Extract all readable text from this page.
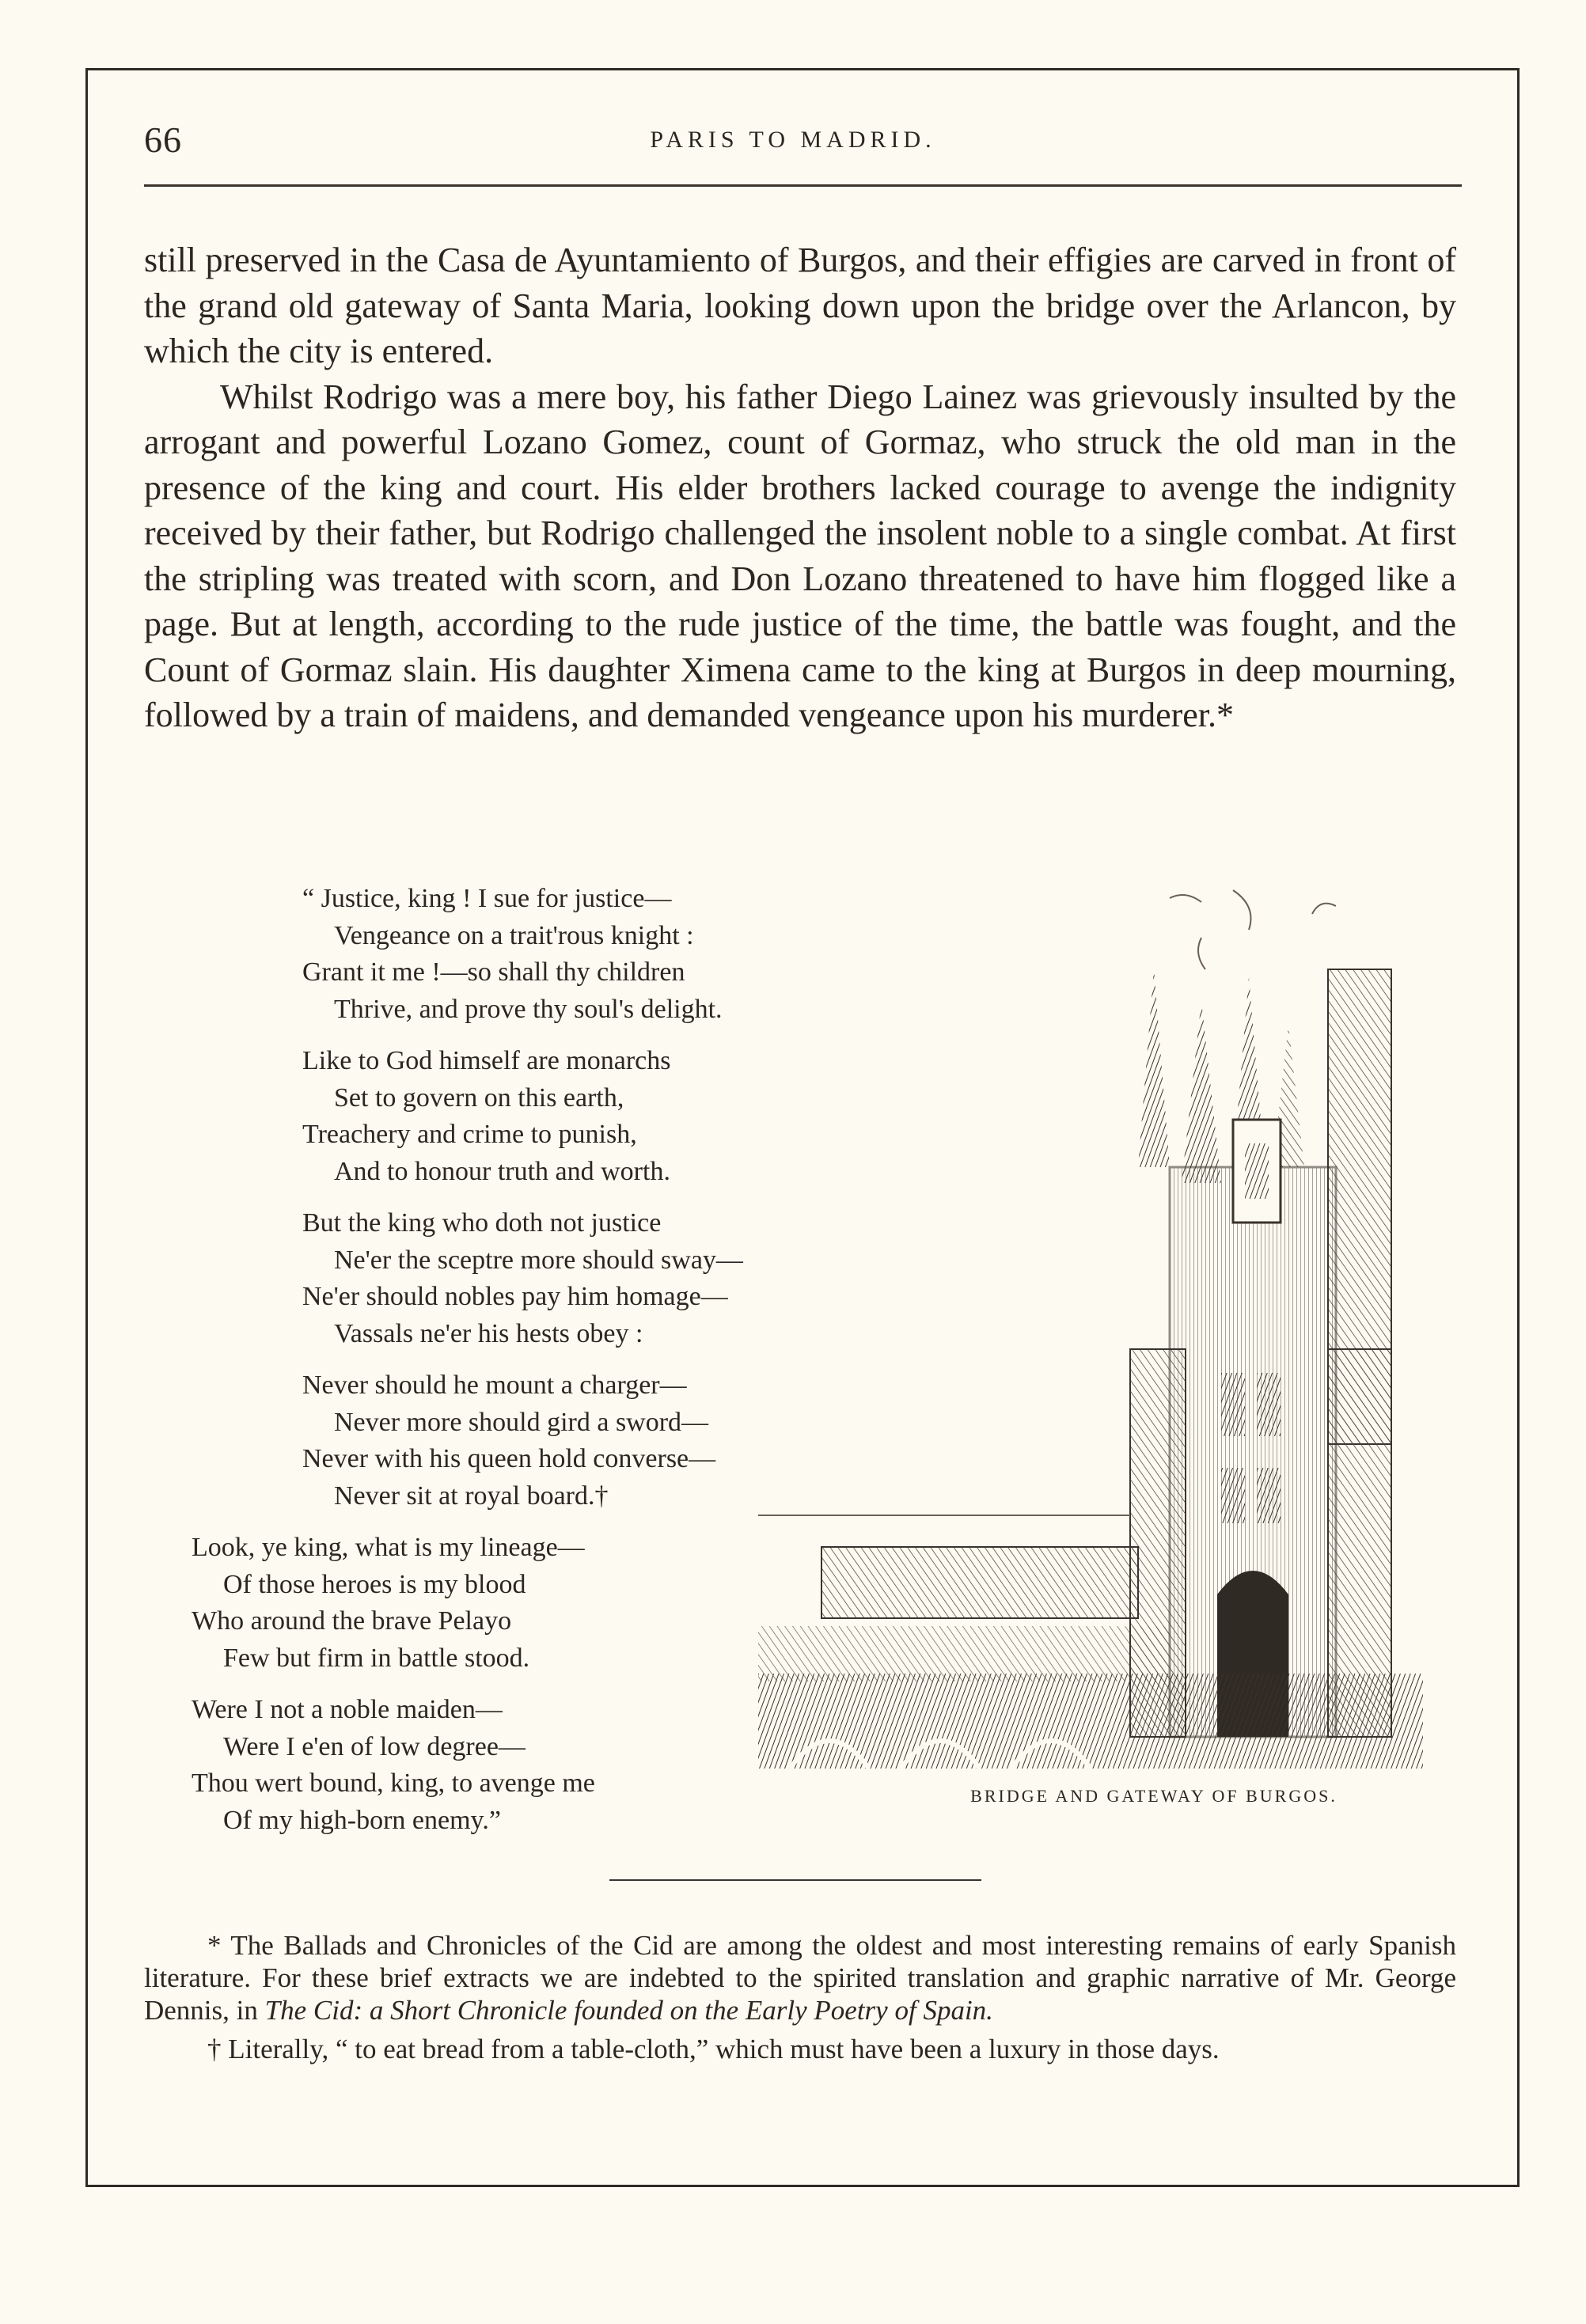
66	PARIS TO MADRID.

still preserved in the Casa de Ayuntamiento of Burgos, and their effigies are carved in front of the grand old gateway of Santa Maria, looking down upon the bridge over the Arlancon, by which the city is entered.

Whilst Rodrigo was a mere boy, his father Diego Lainez was grievously insulted by the arrogant and powerful Lozano Gomez, count of Gormaz, who struck the old man in the presence of the king and court. His elder brothers lacked courage to avenge the indignity received by their father, but Rodrigo challenged the insolent noble to a single combat. At first the stripling was treated with scorn, and Don Lozano threatened to have him flogged like a page. But at length, according to the rude justice of the time, the battle was fought, and the Count of Gormaz slain. His daughter Ximena came to the king at Burgos in deep mourning, followed by a train of maidens, and demanded vengeance upon his murderer.*

“ Justice, king ! I sue for justice—
Vengeance on a trait'rous knight :
Grant it me !—so shall thy children
Thrive, and prove thy soul's delight.
Like to God himself are monarchs
Set to govern on this earth,
Treachery and crime to punish,
And to honour truth and worth.
But the king who doth not justice
Ne'er the sceptre more should sway—
Ne'er should nobles pay him homage—
Vassals ne'er his hests obey :
Never should he mount a charger—
Never more should gird a sword—
Never with his queen hold converse—
Never sit at royal board.†
Look, ye king, what is my lineage—
Of those heroes is my blood
Who around the brave Pelayo
Few but firm in battle stood.
Were I not a noble maiden—
Were I e'en of low degree—
Thou wert bound, king, to avenge me
Of my high-born enemy.”
BRIDGE AND GATEWAY OF BURGOS.

* The Ballads and Chronicles of the Cid are among the oldest and most interesting remains of early Spanish literature. For these brief extracts we are indebted to the spirited translation and graphic narrative of Mr. George Dennis, in The Cid: a Short Chronicle founded on the Early Poetry of Spain.

† Literally, “ to eat bread from a table-cloth,” which must have been a luxury in those days.
